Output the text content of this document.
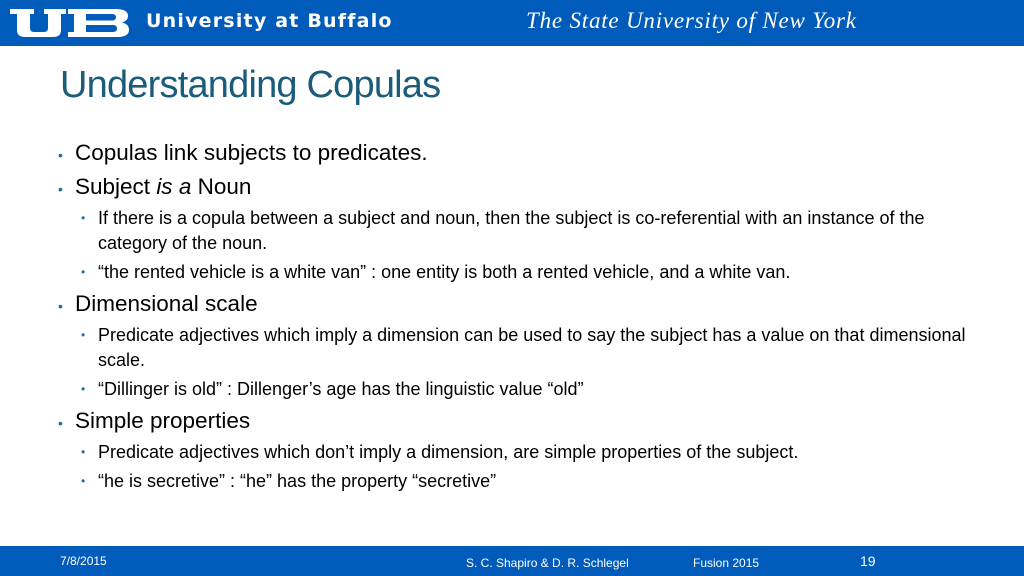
®
University at Buffalo	The State University of New York
Understanding Copulas
• Copulas link subjects to predicates.
• Subject is a Noun
• If there is a copula between a subject and noun, then the subject is co-referential with an instance of the category of the noun.
• “the rented vehicle is a white van” : one entity is both a rented vehicle, and a white van.
• Dimensional scale
• Predicate adjectives which imply a dimension can be used to say the subject has a value on that dimensional scale.
• “Dillinger is old” : Dillenger’s age has the linguistic value “old”
• Simple properties
• Predicate adjectives which don’t imply a dimension, are simple properties of the subject.
• “he is secretive” : “he” has the property “secretive”
7/8/2015	S. C. Shapiro & D. R. Schlegel	Fusion 2015	19
